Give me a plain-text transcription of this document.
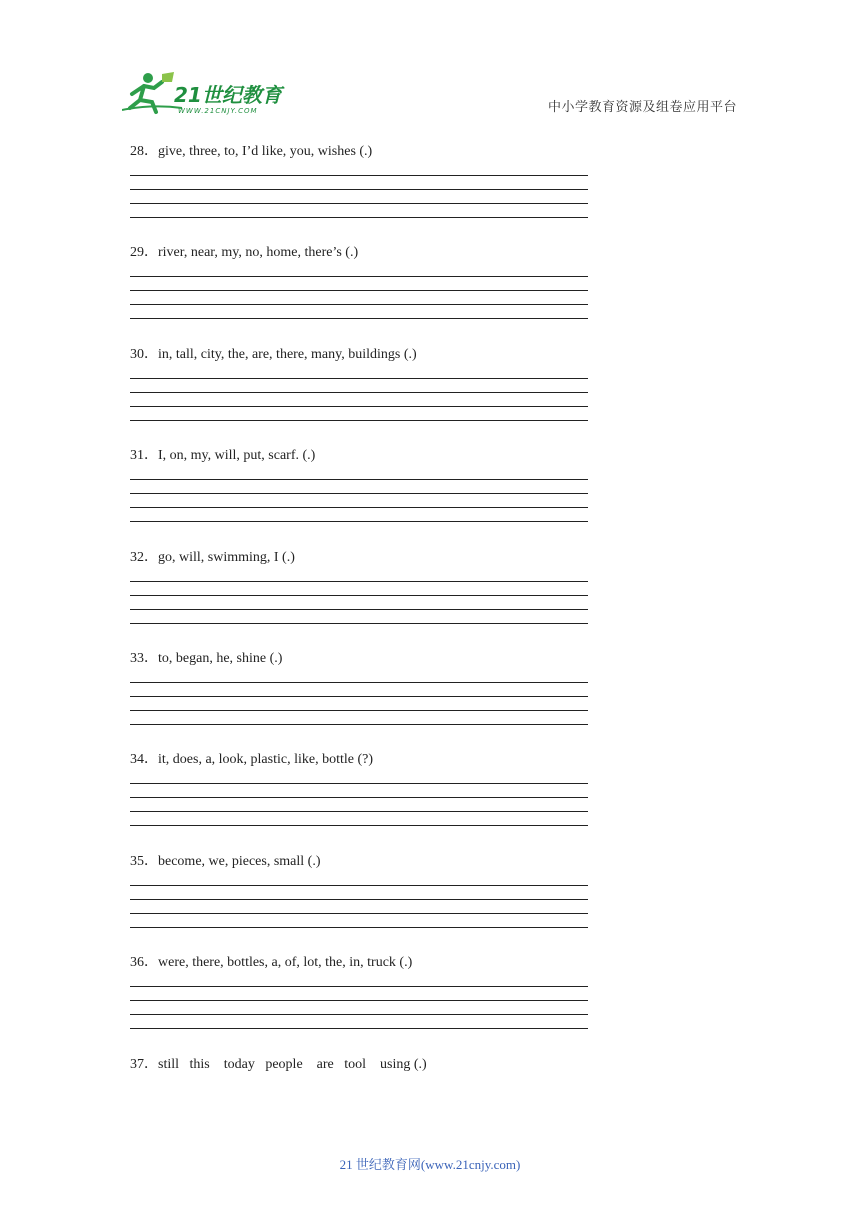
21世纪教育
WWW.21CNJY.COM	中小学教育资源及组卷应用平台
28．give, three, to, I’d like, you, wishes (.)
29．river, near, my, no, home, there’s (.)
30．in, tall, city, the, are, there, many, buildings (.)
31．I, on, my, will, put, scarf. (.)
32．go, will, swimming, I (.)
33．to, began, he, shine (.)
34．it, does, a, look, plastic, like, bottle (?)
35．become, we, pieces, small (.)
36．were, there, bottles, a, of, lot, the, in, truck (.)
37．still   this    today   people    are   tool    using (.)
21 世纪教育网(www.21cnjy.com)
